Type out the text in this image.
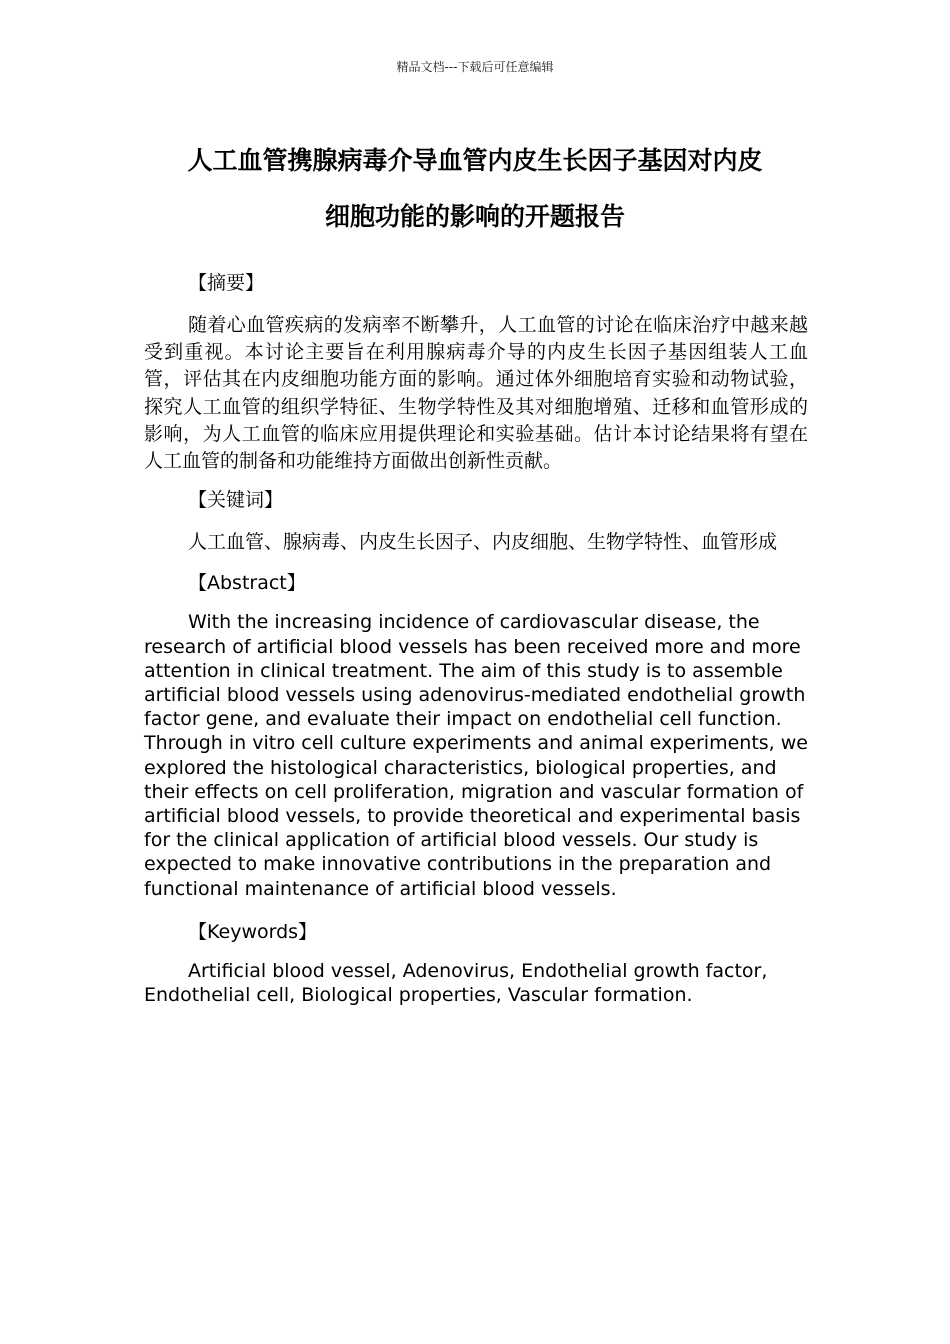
精品文档---下载后可任意编辑
人工血管携腺病毒介导血管内皮生长因子基因对内皮
细胞功能的影响的开题报告

【摘要】

随着心血管疾病的发病率不断攀升，人工血管的讨论在临床治疗中越来越受到重视。本讨论主要旨在利用腺病毒介导的内皮生长因子基因组装人工血管，评估其在内皮细胞功能方面的影响。通过体外细胞培育实验和动物试验，探究人工血管的组织学特征、生物学特性及其对细胞增殖、迁移和血管形成的影响，为人工血管的临床应用提供理论和实验基础。估计本讨论结果将有望在人工血管的制备和功能维持方面做出创新性贡献。

【关键词】

人工血管、腺病毒、内皮生长因子、内皮细胞、生物学特性、血管形成

【Abstract】

With the increasing incidence of cardiovascular disease, the research of artificial blood vessels has been received more and more attention in clinical treatment. The aim of this study is to assemble artificial blood vessels using adenovirus-mediated endothelial growth factor gene, and evaluate their impact on endothelial cell function. Through in vitro cell culture experiments and animal experiments, we explored the histological characteristics, biological properties, and their effects on cell proliferation, migration and vascular formation of artificial blood vessels, to provide theoretical and experimental basis for the clinical application of artificial blood vessels. Our study is expected to make innovative contributions in the preparation and functional maintenance of artificial blood vessels.

【Keywords】

Artificial blood vessel, Adenovirus, Endothelial growth factor, Endothelial cell, Biological properties, Vascular formation.
